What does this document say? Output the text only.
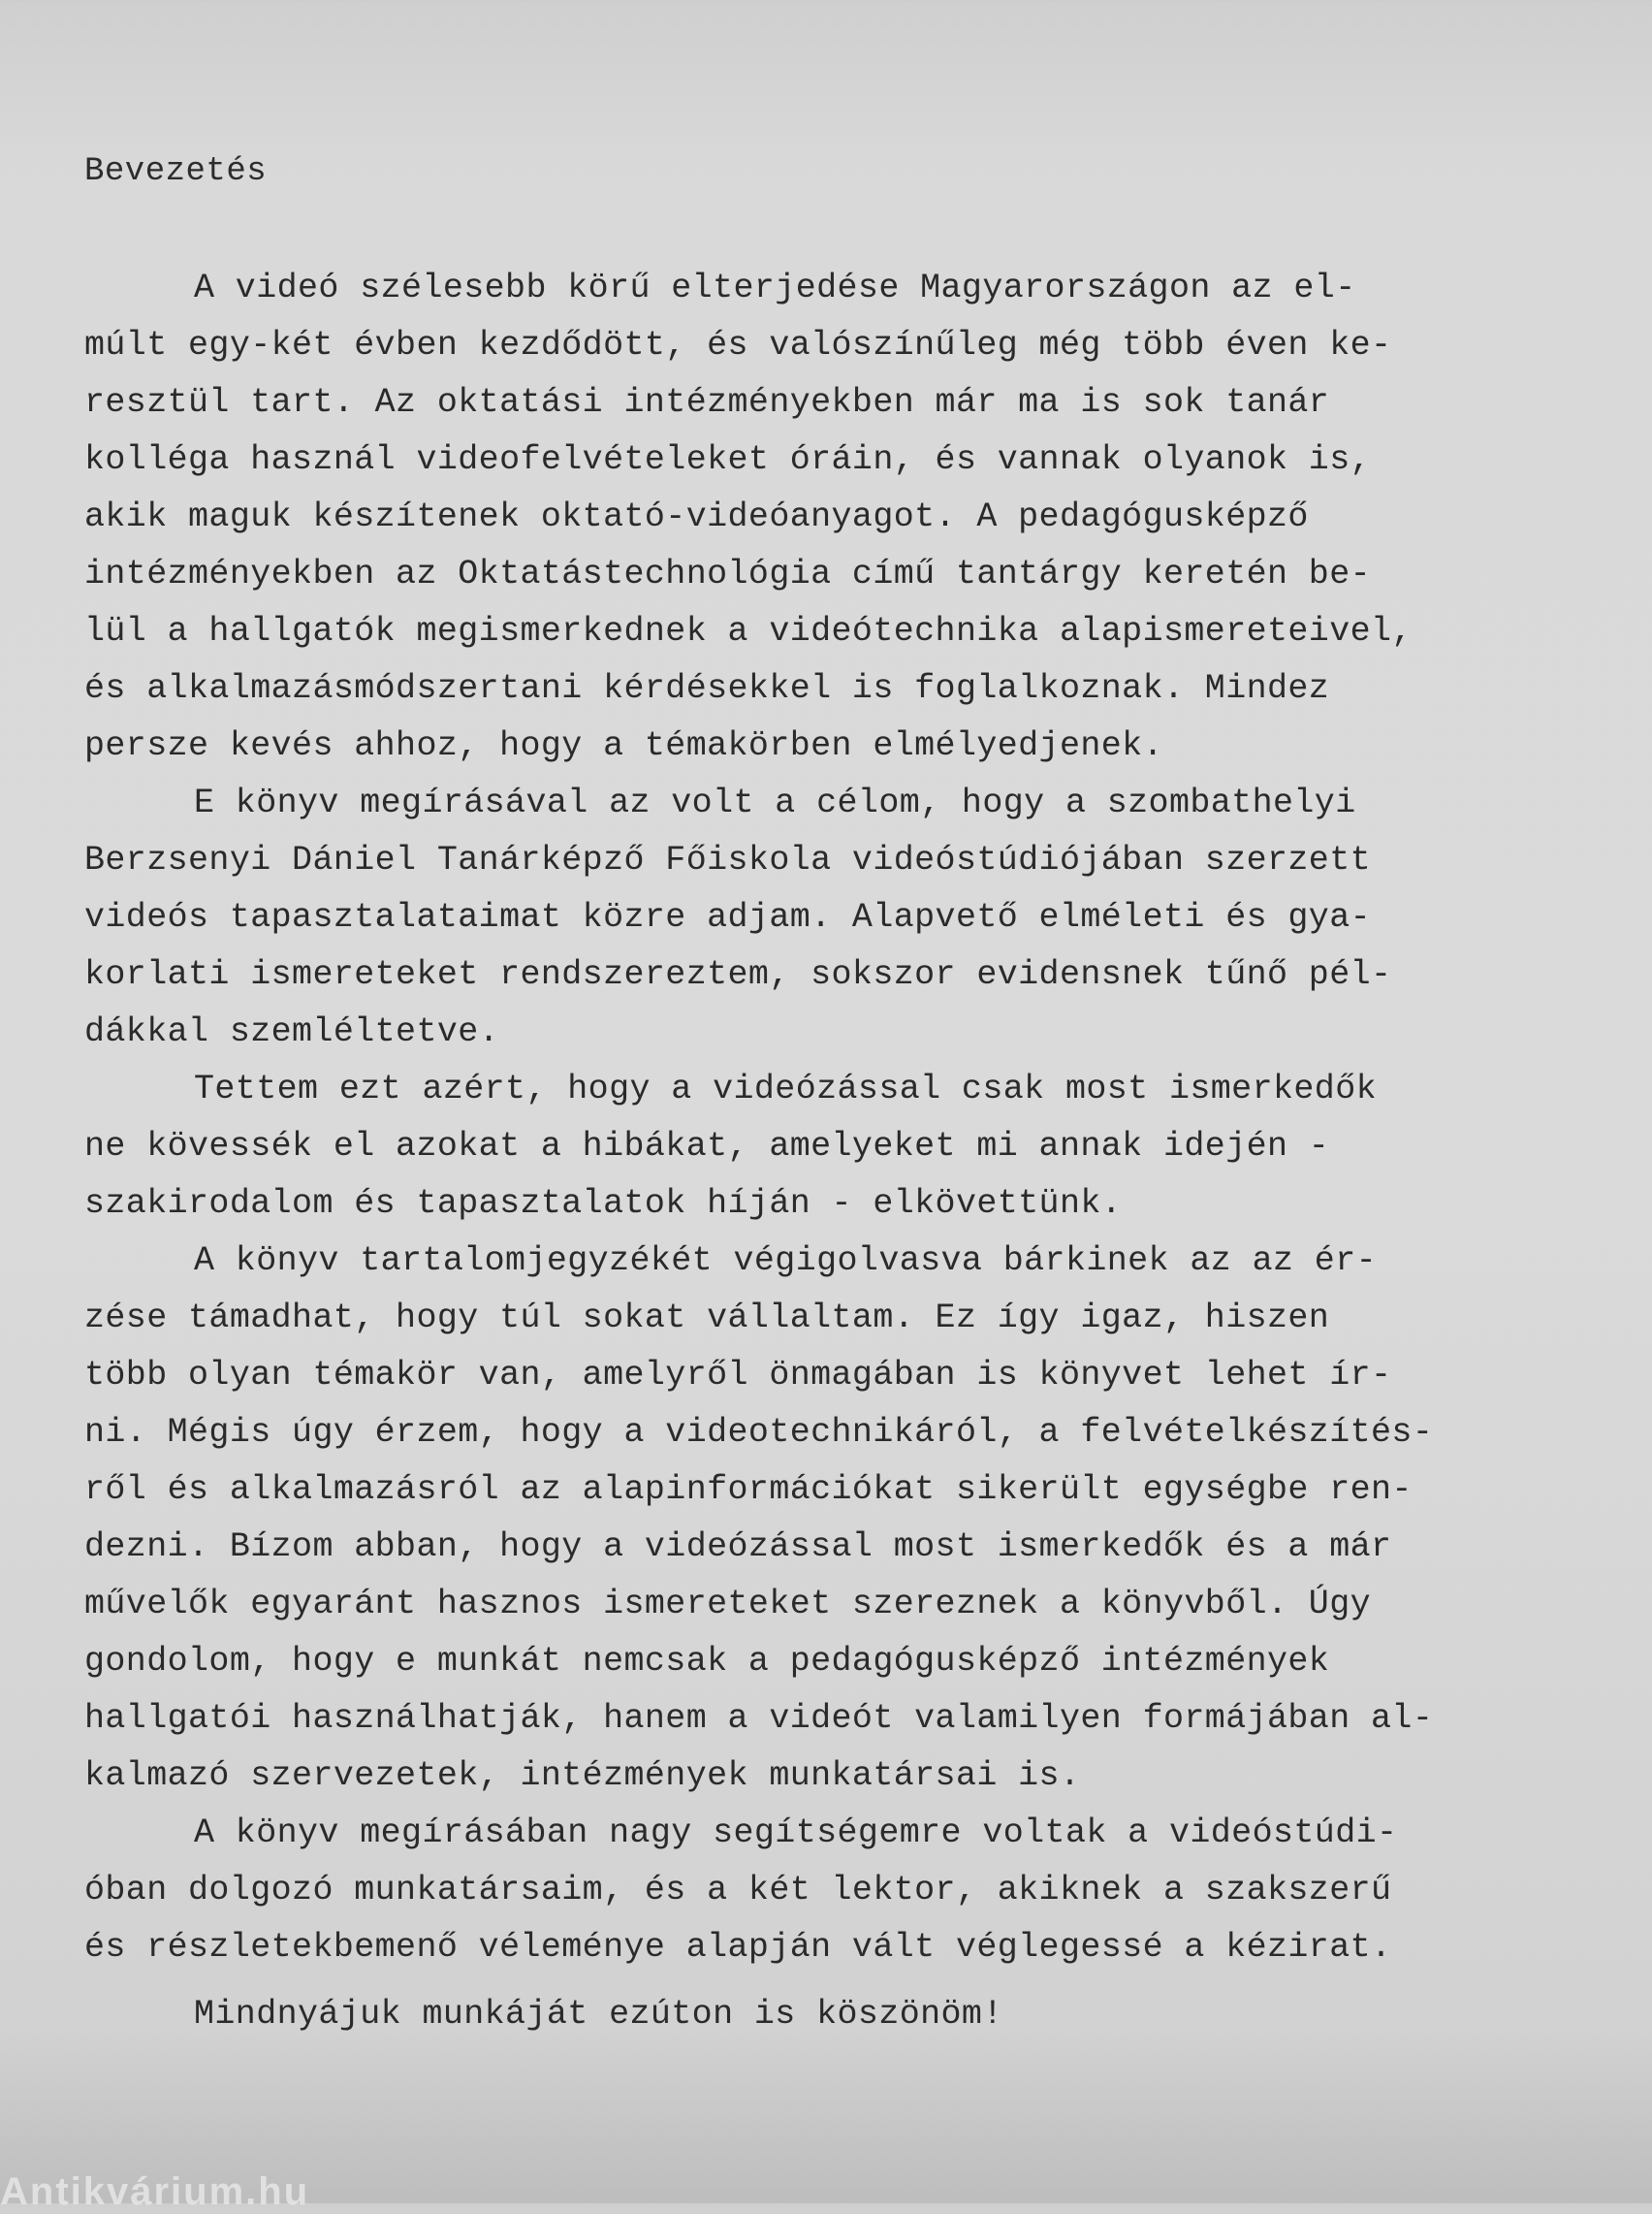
Bevezetés
A videó szélesebb körű elterjedése Magyarországon az el-
múlt egy-két évben kezdődött, és valószínűleg még több éven ke-
resztül tart. Az oktatási intézményekben már ma is sok tanár
kolléga használ videofelvételeket óráin, és vannak olyanok is,
akik maguk készítenek oktató-videóanyagot. A pedagógusképző
intézményekben az Oktatástechnológia című tantárgy keretén be-
lül a hallgatók megismerkednek a videótechnika alapismereteivel,
és alkalmazásmódszertani kérdésekkel is foglalkoznak. Mindez
persze kevés ahhoz, hogy a témakörben elmélyedjenek.
E könyv megírásával az volt a célom, hogy a szombathelyi
Berzsenyi Dániel Tanárképző Főiskola videóstúdiójában szerzett
videós tapasztalataimat közre adjam. Alapvető elméleti és gya-
korlati ismereteket rendszereztem, sokszor evidensnek tűnő pél-
dákkal szemléltetve.
Tettem ezt azért, hogy a videózással csak most ismerkedők
ne kövessék el azokat a hibákat, amelyeket mi annak idején -
szakirodalom és tapasztalatok híján - elkövettünk.
A könyv tartalomjegyzékét végigolvasva bárkinek az az ér-
zése támadhat, hogy túl sokat vállaltam. Ez így igaz, hiszen
több olyan témakör van, amelyről önmagában is könyvet lehet ír-
ni. Mégis úgy érzem, hogy a videotechnikáról, a felvételkészítés-
ről és alkalmazásról az alapinformációkat sikerült egységbe ren-
dezni. Bízom abban, hogy a videózással most ismerkedők és a már
művelők egyaránt hasznos ismereteket szereznek a könyvből. Úgy
gondolom, hogy e munkát nemcsak a pedagógusképző intézmények
hallgatói használhatják, hanem a videót valamilyen formájában al-
kalmazó szervezetek, intézmények munkatársai is.
A könyv megírásában nagy segítségemre voltak a videóstúdi-
óban dolgozó munkatársaim, és a két lektor, akiknek a szakszerű
és részletekbemenő véleménye alapján vált véglegessé a kézirat.
Mindnyájuk munkáját ezúton is köszönöm!
Antikvárium.hu
